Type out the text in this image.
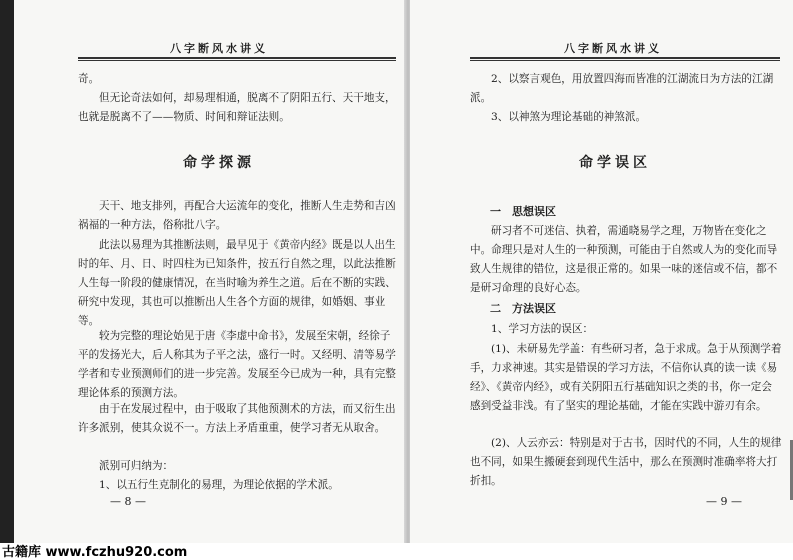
八字断风水讲义

奇。

但无论奇法如何，却易理相通，脱离不了阴阳五行、天干地支，也就是脱离不了——物质、时间和辩证法则。

命学探源

天干、地支排列，再配合大运流年的变化，推断人生走势和吉凶祸福的一种方法，俗称批八字。

此法以易理为其推断法则，最早见于《黄帝内经》既是以人出生时的年、月、日、时四柱为已知条件，按五行自然之理，以此法推断人生每一阶段的健康情况，在当时喻为养生之道。后在不断的实践、研究中发现，其也可以推断出人生各个方面的规律，如婚姻、事业等。

较为完整的理论始见于唐《李虚中命书》，发展至宋朝，经徐子平的发扬光大，后人称其为子平之法，盛行一时。又经明、清等易学学者和专业预测师们的进一步完善。发展至今已成为一种，具有完整理论体系的预测方法。

由于在发展过程中，由于吸取了其他预测术的方法，而又衍生出许多派别，使其众说不一。方法上矛盾重重，使学习者无从取舍。

派别可归纳为：

1、以五行生克制化的易理，为理论依据的学术派。

— 8 —
八字断风水讲义

2、以察言观色，用放置四海而皆准的江湖流日为方法的江湖派。

3、以神煞为理论基础的神煞派。

命学误区
一　思想误区

研习者不可迷信、执着，需通晓易学之理，万物皆在变化之中。命理只是对人生的一种预测，可能由于自然或人为的变化而导致人生规律的错位，这是很正常的。如果一味的迷信或不信，都不是研习命理的良好心态。

二　方法误区

1、学习方法的误区：

(1)、未研易先学盖：有些研习者，急于求成。急于从预测学着手，力求神速。其实是错误的学习方法，不信你认真的读一读《易经》、《黄帝内经》，或有关阴阳五行基础知识之类的书，你一定会感到受益非浅。有了坚实的理论基础，才能在实践中游刃有余。

(2)、人云亦云：特别是对于古书，因时代的不同，人生的规律也不同，如果生搬硬套到现代生活中，那么在预测时准确率将大打折扣。

— 9 —
古籍库 www.fczhu920.com
